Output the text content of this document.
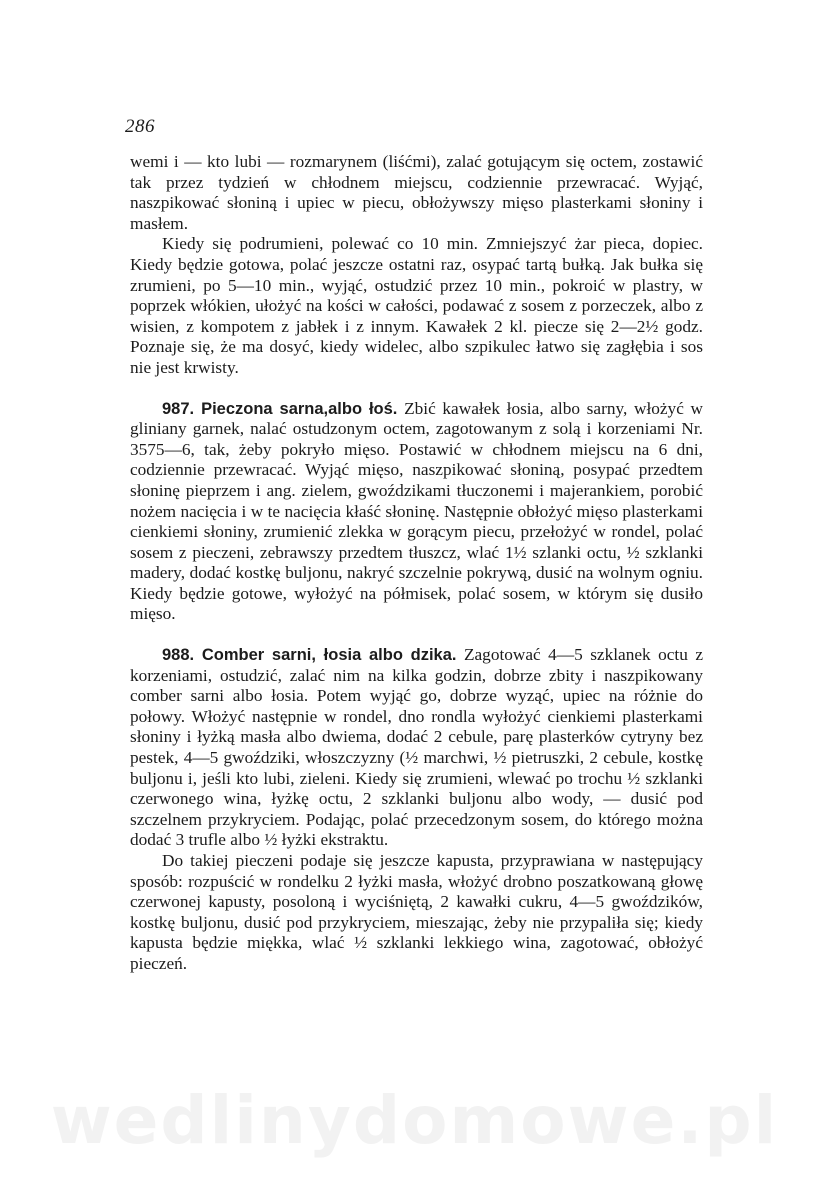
286

wemi i — kto lubi — rozmarynem (liśćmi), zalać gotującym się octem, zostawić tak przez tydzień w chłodnem miejscu, codziennie przewracać. Wyjąć, naszpikować słoniną i upiec w piecu, obłożywszy mięso plasterkami słoniny i masłem.

Kiedy się podrumieni, polewać co 10 min. Zmniejszyć żar pieca, dopiec. Kiedy będzie gotowa, polać jeszcze ostatni raz, osypać tartą bułką. Jak bułka się zrumieni, po 5—10 min., wyjąć, ostudzić przez 10 min., pokroić w plastry, w poprzek włókien, ułożyć na kości w całości, podawać z sosem z porzeczek, albo z wisien, z kompotem z jabłek i z innym. Kawałek 2 kl. piecze się 2—2½ godz. Poznaje się, że ma dosyć, kiedy widelec, albo szpikulec łatwo się zagłębia i sos nie jest krwisty.

987. Pieczona sarna,albo łoś. Zbić kawałek łosia, albo sarny, włożyć w gliniany garnek, nalać ostudzonym octem, zagotowanym z solą i korzeniami Nr. 3575—6, tak, żeby pokryło mięso. Postawić w chłodnem miejscu na 6 dni, codziennie przewracać. Wyjąć mięso, naszpikować słoniną, posypać przedtem słoninę pieprzem i ang. zielem, gwoździkami tłuczonemi i majerankiem, porobić nożem nacięcia i w te nacięcia kłaść słoninę. Następnie obłożyć mięso plasterkami cienkiemi słoniny, zrumienić zlekka w gorącym piecu, przełożyć w rondel, polać sosem z pieczeni, zebrawszy przedtem tłuszcz, wlać 1½ szlanki octu, ½ szklanki madery, dodać kostkę buljonu, nakryć szczelnie pokrywą, dusić na wolnym ogniu. Kiedy będzie gotowe, wyłożyć na półmisek, polać sosem, w którym się dusiło mięso.

988. Comber sarni, łosia albo dzika. Zagotować 4—5 szklanek octu z korzeniami, ostudzić, zalać nim na kilka godzin, dobrze zbity i naszpikowany comber sarni albo łosia. Potem wyjąć go, dobrze wyząć, upiec na różnie do połowy. Włożyć następnie w rondel, dno rondla wyłożyć cienkiemi plasterkami słoniny i łyżką masła albo dwiema, dodać 2 cebule, parę plasterków cytryny bez pestek, 4—5 gwoździki, włoszczyzny (½ marchwi, ½ pietruszki, 2 cebule, kostkę buljonu i, jeśli kto lubi, zieleni. Kiedy się zrumieni, wlewać po trochu ½ szklanki czerwonego wina, łyżkę octu, 2 szklanki buljonu albo wody, — dusić pod szczelnem przykryciem. Podając, polać przecedzonym sosem, do którego można dodać 3 trufle albo ½ łyżki ekstraktu.

Do takiej pieczeni podaje się jeszcze kapusta, przyprawiana w następujący sposób: rozpuścić w rondelku 2 łyżki masła, włożyć drobno poszatkowaną głowę czerwonej kapusty, posoloną i wyciśniętą, 2 kawałki cukru, 4—5 gwoździków, kostkę buljonu, dusić pod przykryciem, mieszając, żeby nie przypaliła się; kiedy kapusta będzie miękka, wlać ½ szklanki lekkiego wina, zagotować, obłożyć pieczeń.

wedlinydomowe.pl
